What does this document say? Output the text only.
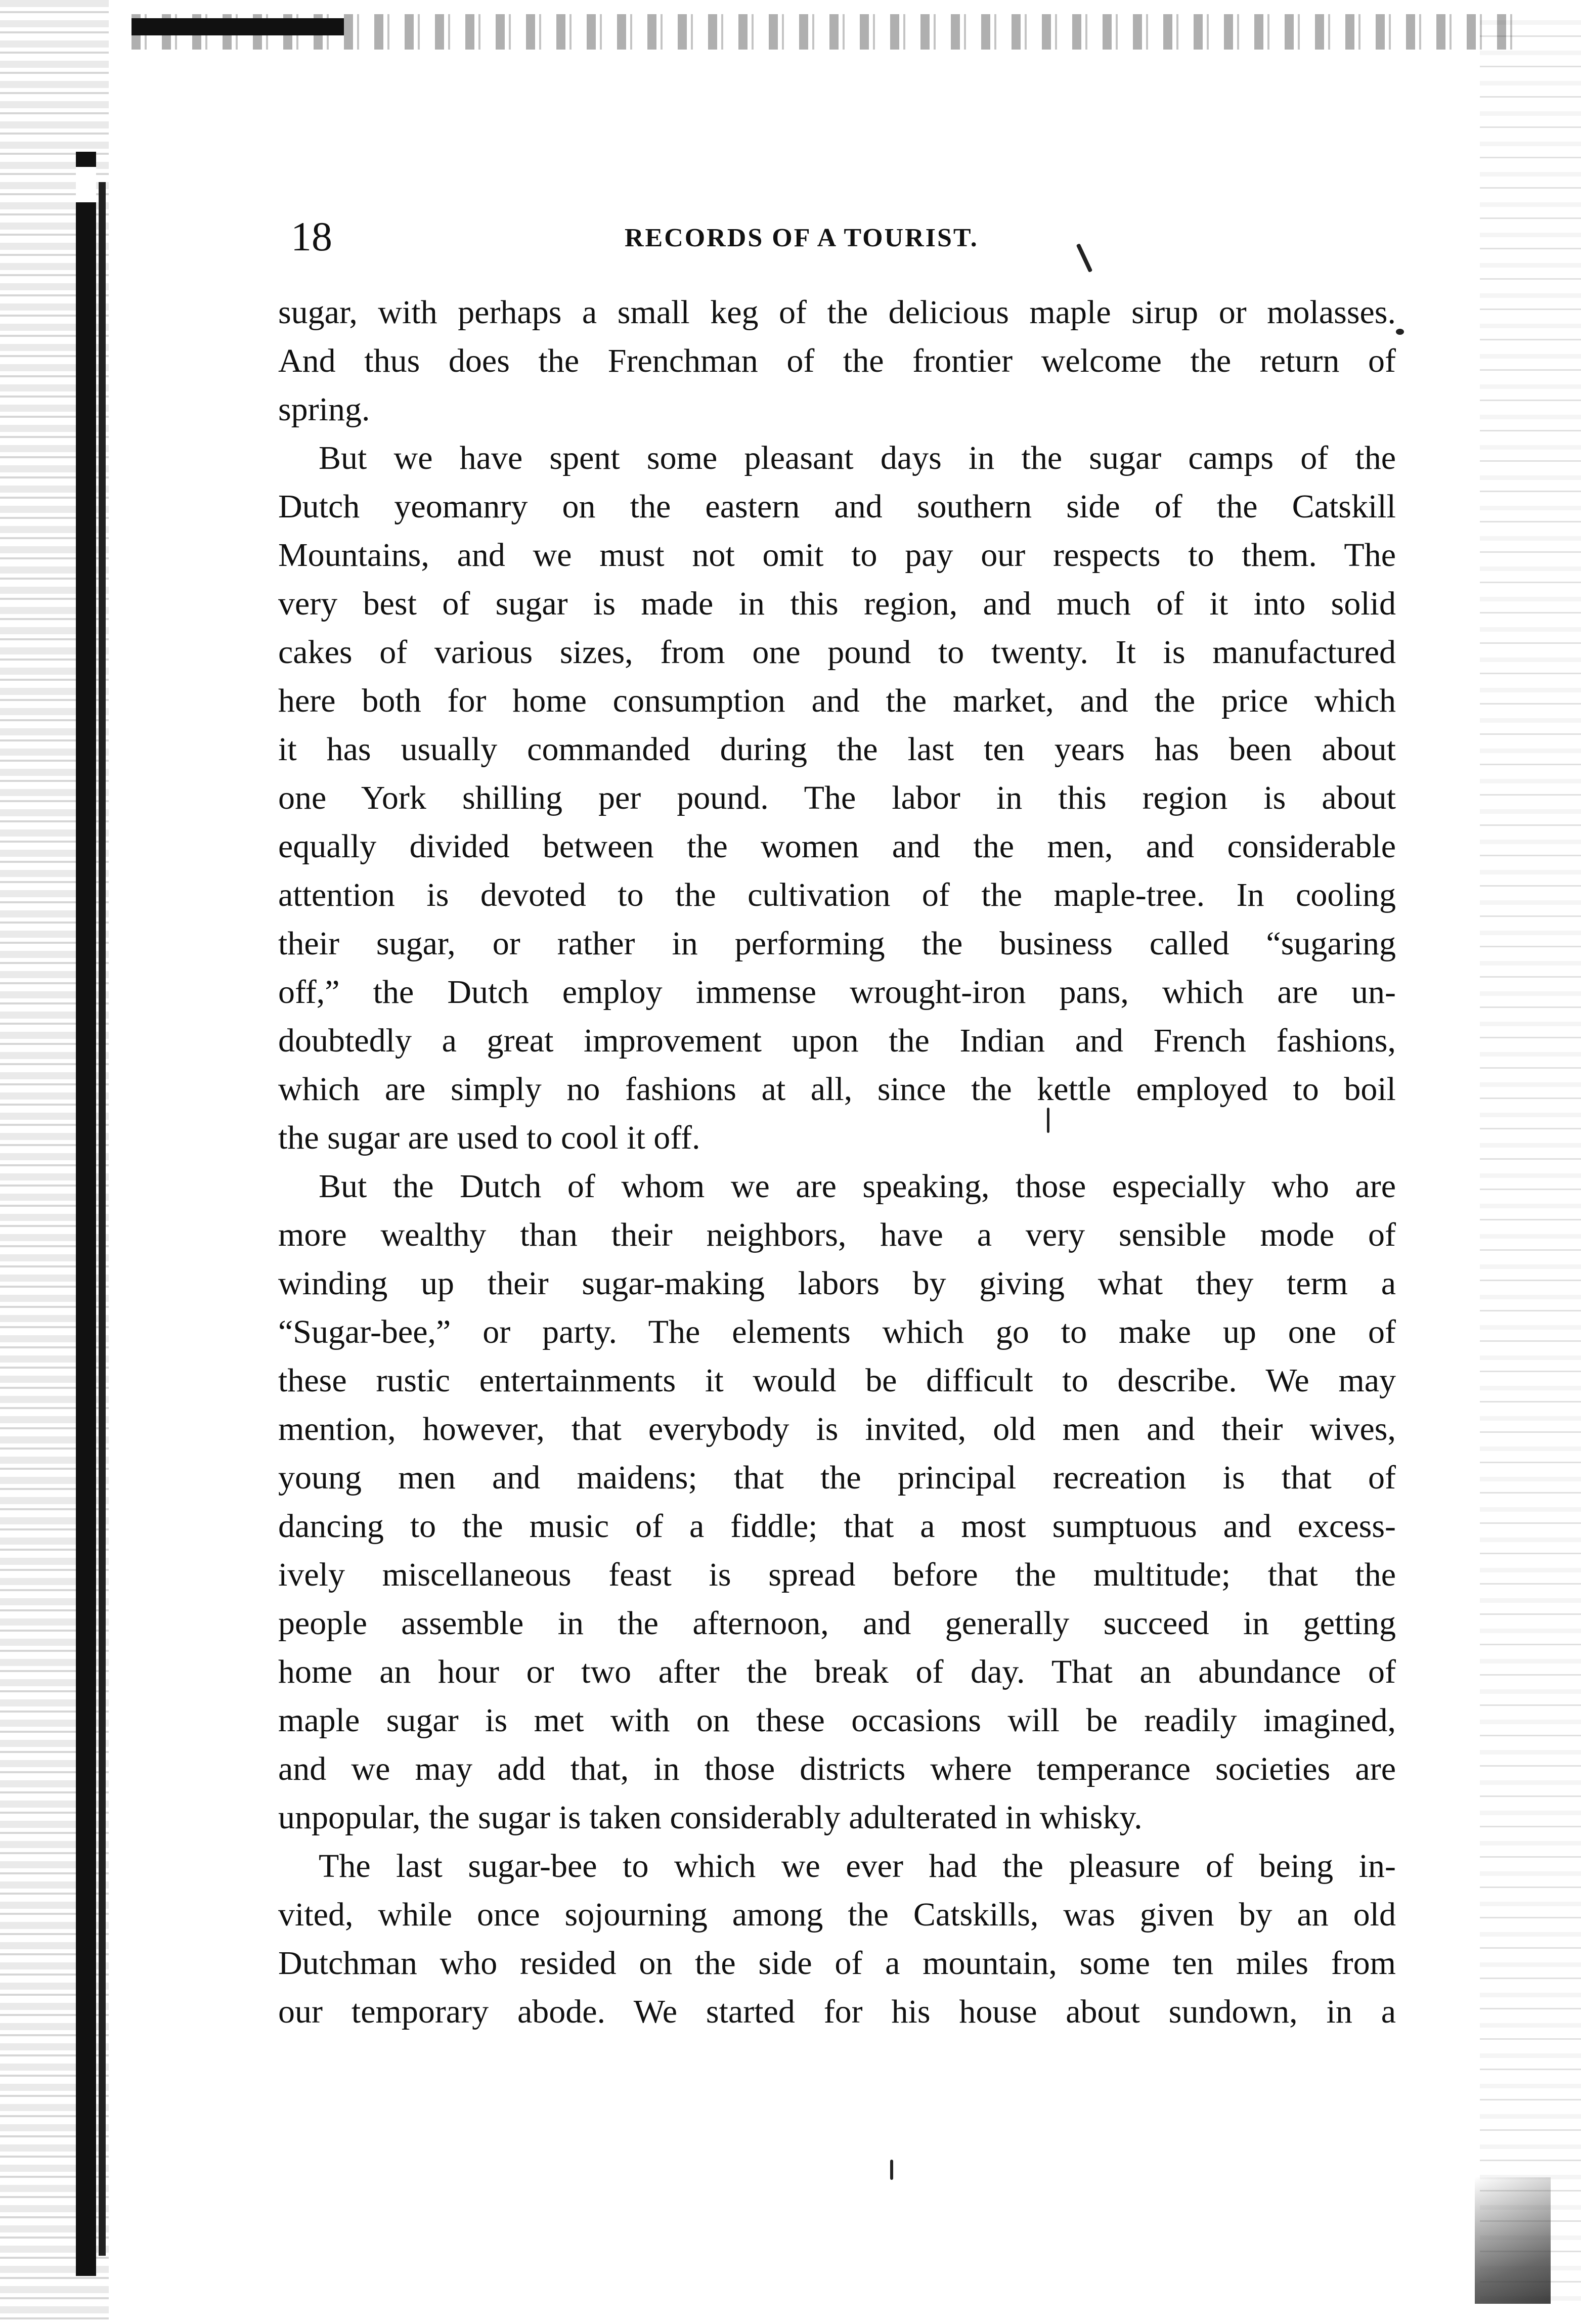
18	RECORDS OF A TOURIST.
sugar, with perhaps a small keg of the delicious maple sirup or molasses.
And thus does the Frenchman of the frontier welcome the return of
spring.
But we have spent some pleasant days in the sugar camps of the
Dutch yeomanry on the eastern and southern side of the Catskill
Mountains, and we must not omit to pay our respects to them. The
very best of sugar is made in this region, and much of it into solid
cakes of various sizes, from one pound to twenty. It is manufactured
here both for home consumption and the market, and the price which
it has usually commanded during the last ten years has been about
one York shilling per pound. The labor in this region is about
equally divided between the women and the men, and considerable
attention is devoted to the cultivation of the maple-tree. In cooling
their sugar, or rather in performing the business called “sugaring
off,” the Dutch employ immense wrought-iron pans, which are un-
doubtedly a great improvement upon the Indian and French fashions,
which are simply no fashions at all, since the kettle employed to boil
the sugar are used to cool it off.
But the Dutch of whom we are speaking, those especially who are
more wealthy than their neighbors, have a very sensible mode of
winding up their sugar-making labors by giving what they term a
“Sugar-bee,” or party. The elements which go to make up one of
these rustic entertainments it would be difficult to describe. We may
mention, however, that everybody is invited, old men and their wives,
young men and maidens; that the principal recreation is that of
dancing to the music of a fiddle; that a most sumptuous and excess-
ively miscellaneous feast is spread before the multitude; that the
people assemble in the afternoon, and generally succeed in getting
home an hour or two after the break of day. That an abundance of
maple sugar is met with on these occasions will be readily imagined,
and we may add that, in those districts where temperance societies are
unpopular, the sugar is taken considerably adulterated in whisky.
The last sugar-bee to which we ever had the pleasure of being in-
vited, while once sojourning among the Catskills, was given by an old
Dutchman who resided on the side of a mountain, some ten miles from
our temporary abode. We started for his house about sundown, in a
